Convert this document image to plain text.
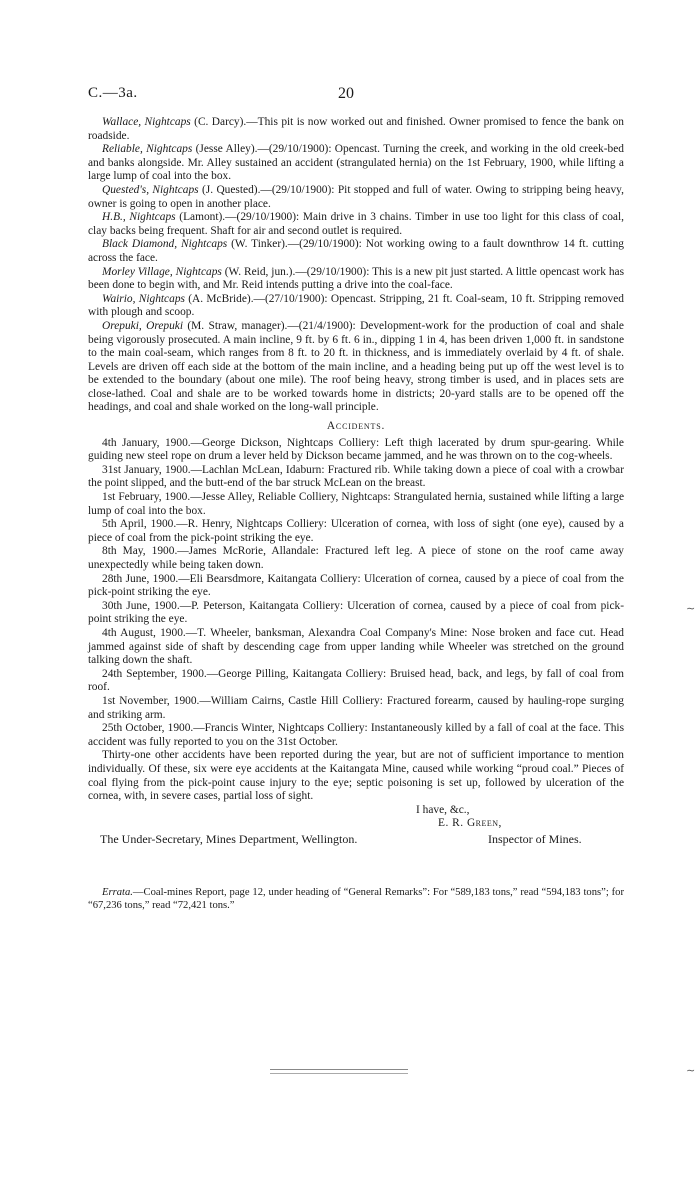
C.—3a.	20

Wallace, Nightcaps (C. Darcy).—This pit is now worked out and finished. Owner promised to fence the bank on roadside.

Reliable, Nightcaps (Jesse Alley).—(29/10/1900): Opencast. Turning the creek, and working in the old creek-bed and banks alongside. Mr. Alley sustained an accident (strangulated hernia) on the 1st February, 1900, while lifting a large lump of coal into the box.

Quested's, Nightcaps (J. Quested).—(29/10/1900): Pit stopped and full of water. Owing to stripping being heavy, owner is going to open in another place.

H.B., Nightcaps (Lamont).—(29/10/1900): Main drive in 3 chains. Timber in use too light for this class of coal, clay backs being frequent. Shaft for air and second outlet is required.

Black Diamond, Nightcaps (W. Tinker).—(29/10/1900): Not working owing to a fault downthrow 14 ft. cutting across the face.

Morley Village, Nightcaps (W. Reid, jun.).—(29/10/1900): This is a new pit just started. A little opencast work has been done to begin with, and Mr. Reid intends putting a drive into the coal-face.

Wairio, Nightcaps (A. McBride).—(27/10/1900): Opencast. Stripping, 21 ft. Coal-seam, 10 ft. Stripping removed with plough and scoop.

Orepuki, Orepuki (M. Straw, manager).—(21/4/1900): Development-work for the production of coal and shale being vigorously prosecuted. A main incline, 9 ft. by 6 ft. 6 in., dipping 1 in 4, has been driven 1,000 ft. in sandstone to the main coal-seam, which ranges from 8 ft. to 20 ft. in thickness, and is immediately overlaid by 4 ft. of shale. Levels are driven off each side at the bottom of the main incline, and a heading being put up off the west level is to be extended to the boundary (about one mile). The roof being heavy, strong timber is used, and in places sets are close-lathed. Coal and shale are to be worked towards home in districts; 20-yard stalls are to be opened off the headings, and coal and shale worked on the long-wall principle.

Accidents.

4th January, 1900.—George Dickson, Nightcaps Colliery: Left thigh lacerated by drum spur-gearing. While guiding new steel rope on drum a lever held by Dickson became jammed, and he was thrown on to the cog-wheels.

31st January, 1900.—Lachlan McLean, Idaburn: Fractured rib. While taking down a piece of coal with a crowbar the point slipped, and the butt-end of the bar struck McLean on the breast.

1st February, 1900.—Jesse Alley, Reliable Colliery, Nightcaps: Strangulated hernia, sustained while lifting a large lump of coal into the box.

5th April, 1900.—R. Henry, Nightcaps Colliery: Ulceration of cornea, with loss of sight (one eye), caused by a piece of coal from the pick-point striking the eye.

8th May, 1900.—James McRorie, Allandale: Fractured left leg. A piece of stone on the roof came away unexpectedly while being taken down.

28th June, 1900.—Eli Bearsdmore, Kaitangata Colliery: Ulceration of cornea, caused by a piece of coal from the pick-point striking the eye.

30th June, 1900.—P. Peterson, Kaitangata Colliery: Ulceration of cornea, caused by a piece of coal from pick-point striking the eye.

4th August, 1900.—T. Wheeler, banksman, Alexandra Coal Company's Mine: Nose broken and face cut. Head jammed against side of shaft by descending cage from upper landing while Wheeler was stretched on the ground talking down the shaft.

24th September, 1900.—George Pilling, Kaitangata Colliery: Bruised head, back, and legs, by fall of coal from roof.

1st November, 1900.—William Cairns, Castle Hill Colliery: Fractured forearm, caused by hauling-rope surging and striking arm.

25th October, 1900.—Francis Winter, Nightcaps Colliery: Instantaneously killed by a fall of coal at the face. This accident was fully reported to you on the 31st October.

Thirty-one other accidents have been reported during the year, but are not of sufficient importance to mention individually. Of these, six were eye accidents at the Kaitangata Mine, caused while working “proud coal.” Pieces of coal flying from the pick-point cause injury to the eye; septic poisoning is set up, followed by ulceration of the cornea, with, in severe cases, partial loss of sight.

I have, &c.,
E. R. Green,
The Under-Secretary, Mines Department, Wellington.	Inspector of Mines.
Errata.—Coal-mines Report, page 12, under heading of “General Remarks”: For “589,183 tons,” read “594,183 tons”; for “67,236 tons,” read “72,421 tons.”
∼
∼
